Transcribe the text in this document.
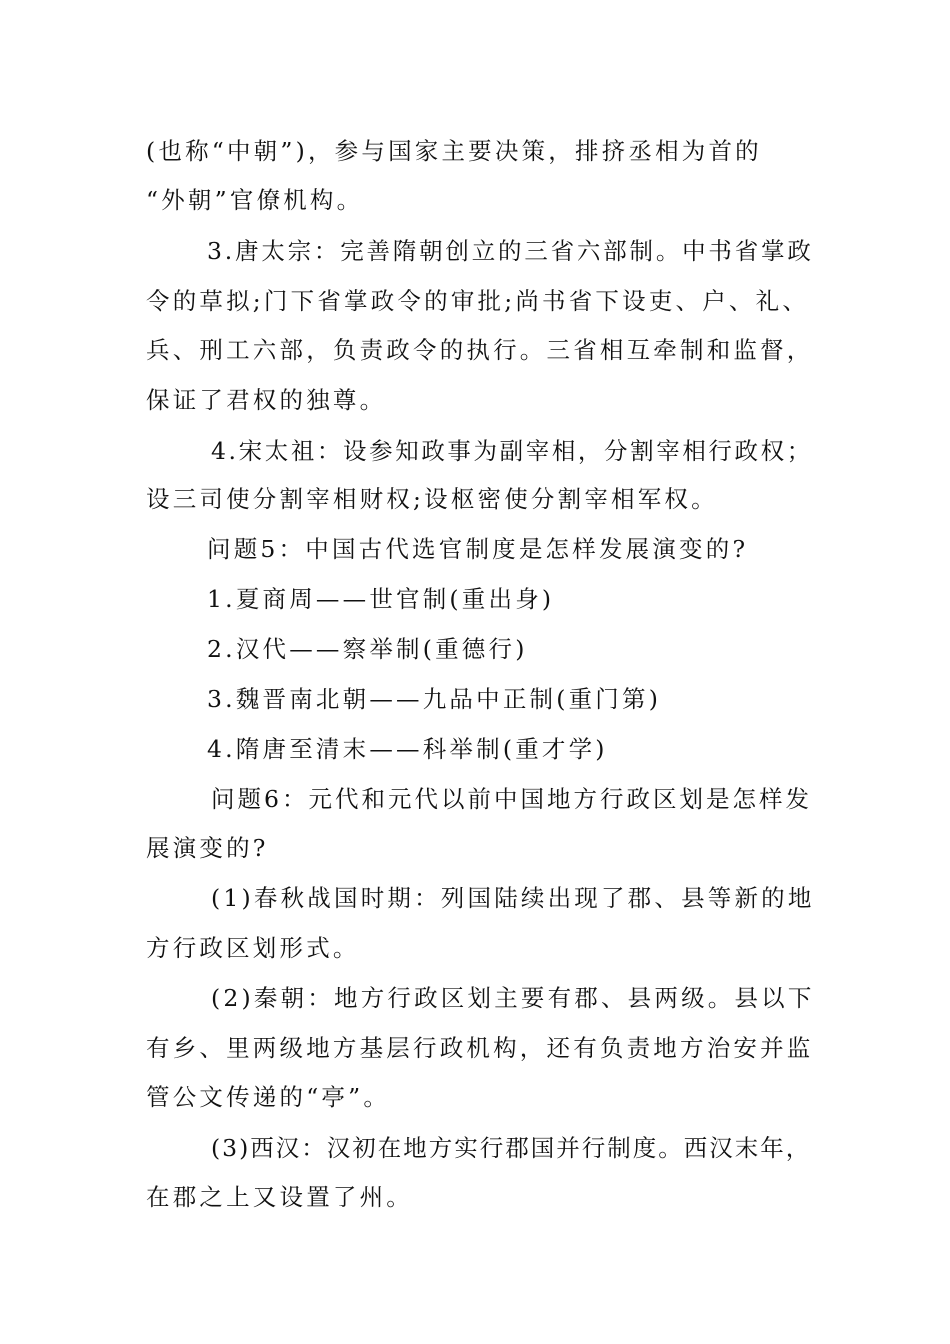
(也称“中朝”)，参与国家主要决策，排挤丞相为首的
“外朝”官僚机构。
3.唐太宗：完善隋朝创立的三省六部制。中书省掌政
令的草拟;门下省掌政令的审批;尚书省下设吏、户、礼、
兵、刑工六部，负责政令的执行。三省相互牵制和监督，
保证了君权的独尊。
4.宋太祖：设参知政事为副宰相，分割宰相行政权；
设三司使分割宰相财权;设枢密使分割宰相军权。
问题5：中国古代选官制度是怎样发展演变的?
1.夏商周——世官制(重出身)
2.汉代——察举制(重德行)
3.魏晋南北朝——九品中正制(重门第)
4.隋唐至清末——科举制(重才学)
问题6：元代和元代以前中国地方行政区划是怎样发
展演变的?
(1)春秋战国时期：列国陆续出现了郡、县等新的地
方行政区划形式。
(2)秦朝：地方行政区划主要有郡、县两级。县以下
有乡、里两级地方基层行政机构，还有负责地方治安并监
管公文传递的“亭”。
(3)西汉：汉初在地方实行郡国并行制度。西汉末年，
在郡之上又设置了州。
